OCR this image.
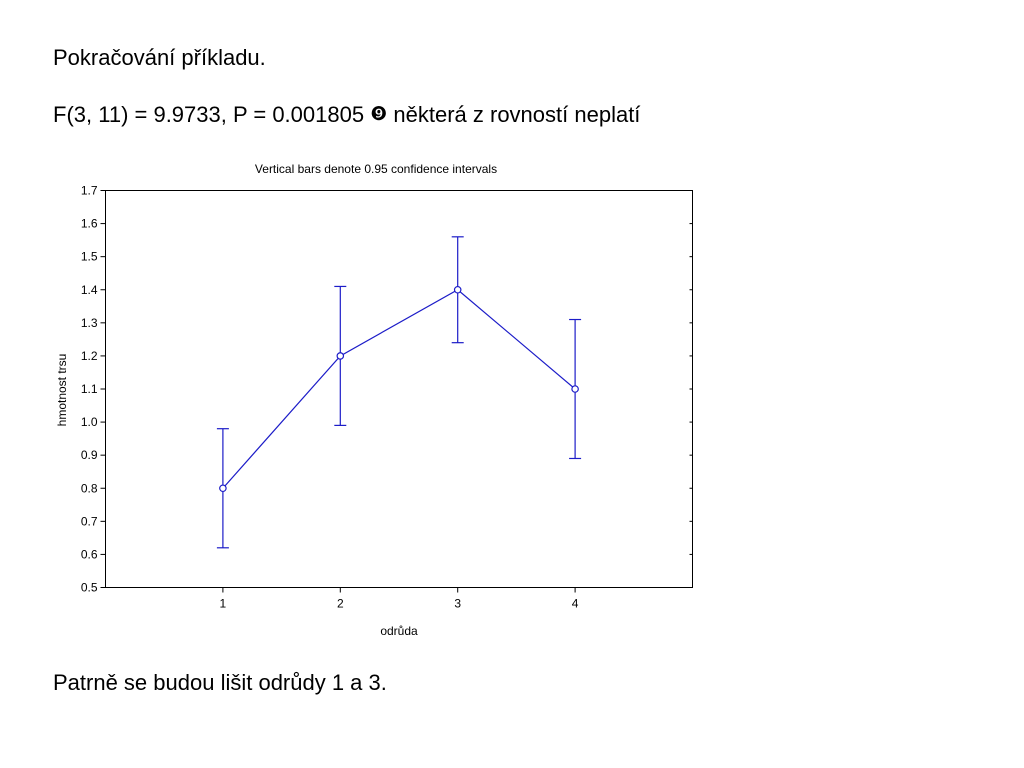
Pokračování příkladu.
F(3, 11) = 9.9733, P = 0.001805 ❾ některá z rovností neplatí
Vertical bars denote 0.95 confidence intervals
0.5
0.6
0.7
0.8
0.9
1.0
1.1
1.2
1.3
1.4
1.5
1.6
1.7
1	2	3	4
odrůda
hmotnost trsu
Patrně se budou lišit odrůdy 1 a 3.
